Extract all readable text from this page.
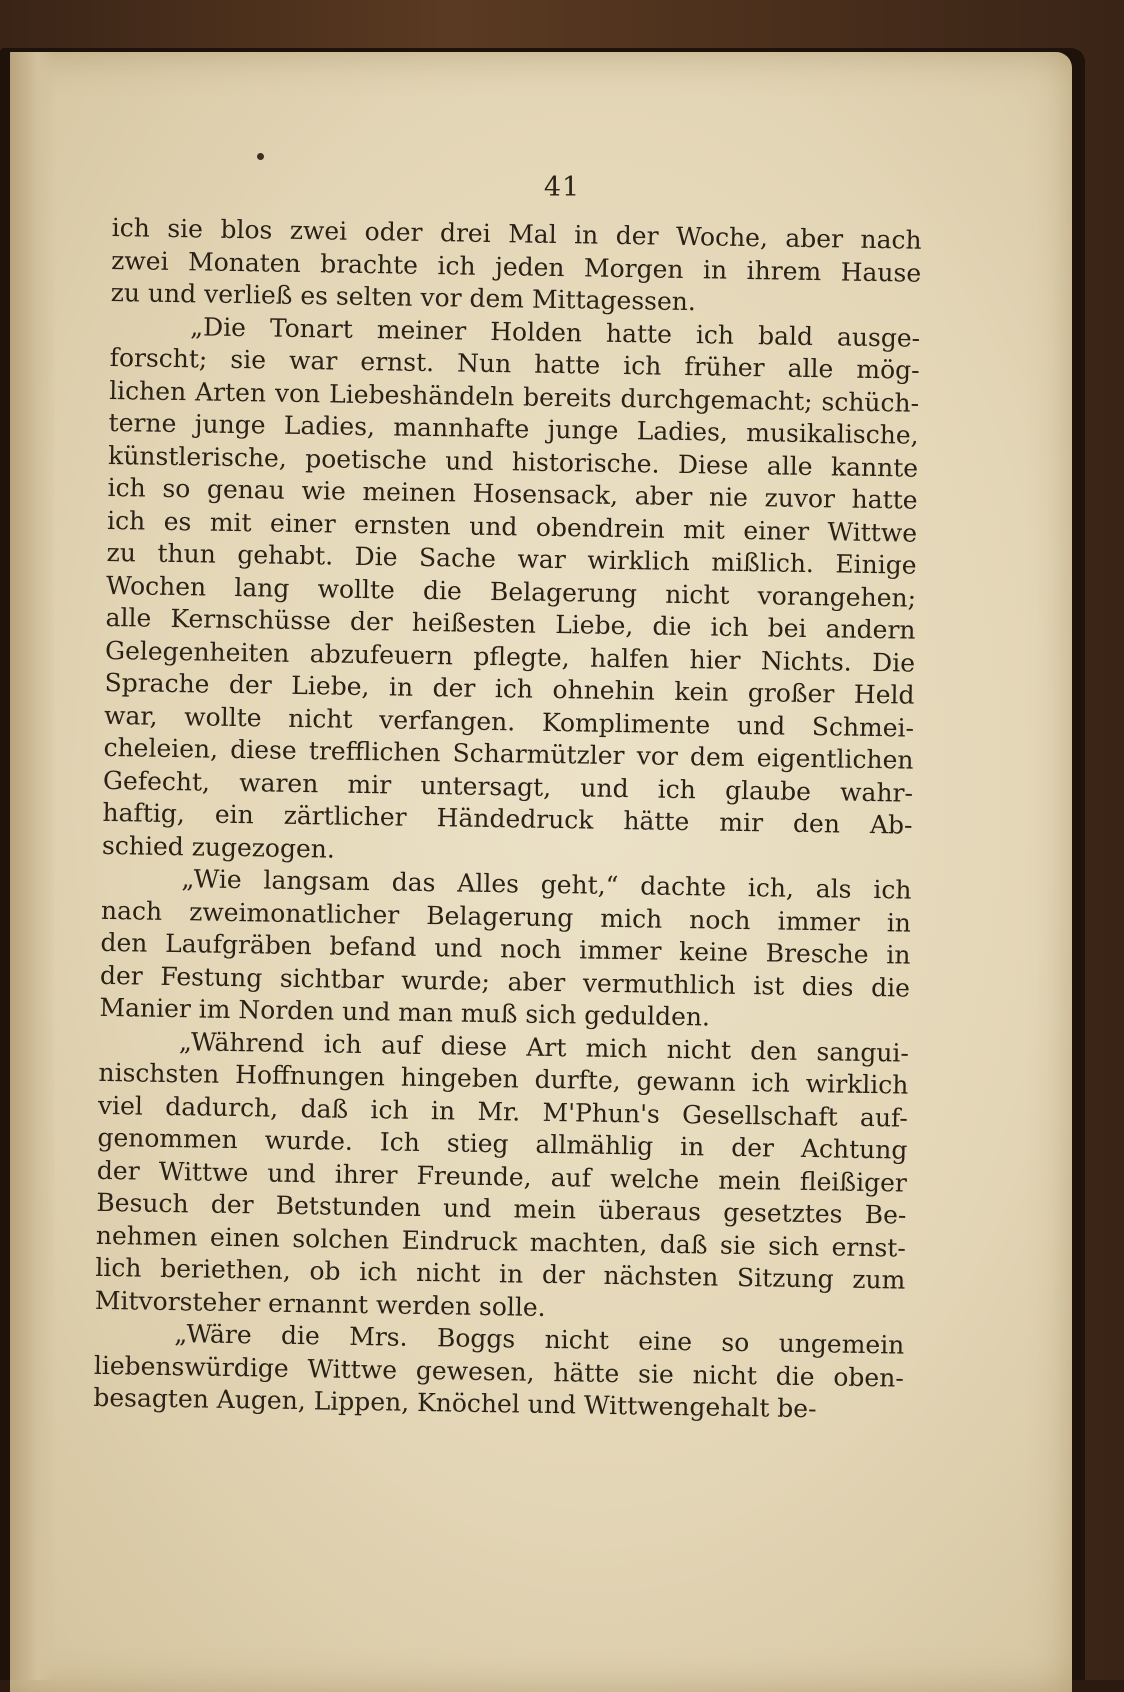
41
ich sie blos zwei oder drei Mal in der Woche, aber nach
zwei Monaten brachte ich jeden Morgen in ihrem Hause
zu und verließ es selten vor dem Mittagessen.
„Die Tonart meiner Holden hatte ich bald ausge-
forscht; sie war ernst. Nun hatte ich früher alle mög-
lichen Arten von Liebeshändeln bereits durchgemacht; schüch-
terne junge Ladies, mannhafte junge Ladies, musikalische,
künstlerische, poetische und historische. Diese alle kannte
ich so genau wie meinen Hosensack, aber nie zuvor hatte
ich es mit einer ernsten und obendrein mit einer Wittwe
zu thun gehabt. Die Sache war wirklich mißlich. Einige
Wochen lang wollte die Belagerung nicht vorangehen;
alle Kernschüsse der heißesten Liebe, die ich bei andern
Gelegenheiten abzufeuern pflegte, halfen hier Nichts. Die
Sprache der Liebe, in der ich ohnehin kein großer Held
war, wollte nicht verfangen. Komplimente und Schmei-
cheleien, diese trefflichen Scharmützler vor dem eigentlichen
Gefecht, waren mir untersagt, und ich glaube wahr-
haftig, ein zärtlicher Händedruck hätte mir den Ab-
schied zugezogen.
„Wie langsam das Alles geht,“ dachte ich, als ich
nach zweimonatlicher Belagerung mich noch immer in
den Laufgräben befand und noch immer keine Bresche in
der Festung sichtbar wurde; aber vermuthlich ist dies die
Manier im Norden und man muß sich gedulden.
„Während ich auf diese Art mich nicht den sangui-
nischsten Hoffnungen hingeben durfte, gewann ich wirklich
viel dadurch, daß ich in Mr. M'Phun's Gesellschaft auf-
genommen wurde. Ich stieg allmählig in der Achtung
der Wittwe und ihrer Freunde, auf welche mein fleißiger
Besuch der Betstunden und mein überaus gesetztes Be-
nehmen einen solchen Eindruck machten, daß sie sich ernst-
lich beriethen, ob ich nicht in der nächsten Sitzung zum
Mitvorsteher ernannt werden solle.
„Wäre die Mrs. Boggs nicht eine so ungemein
liebenswürdige Wittwe gewesen, hätte sie nicht die oben-
besagten Augen, Lippen, Knöchel und Wittwengehalt be-
